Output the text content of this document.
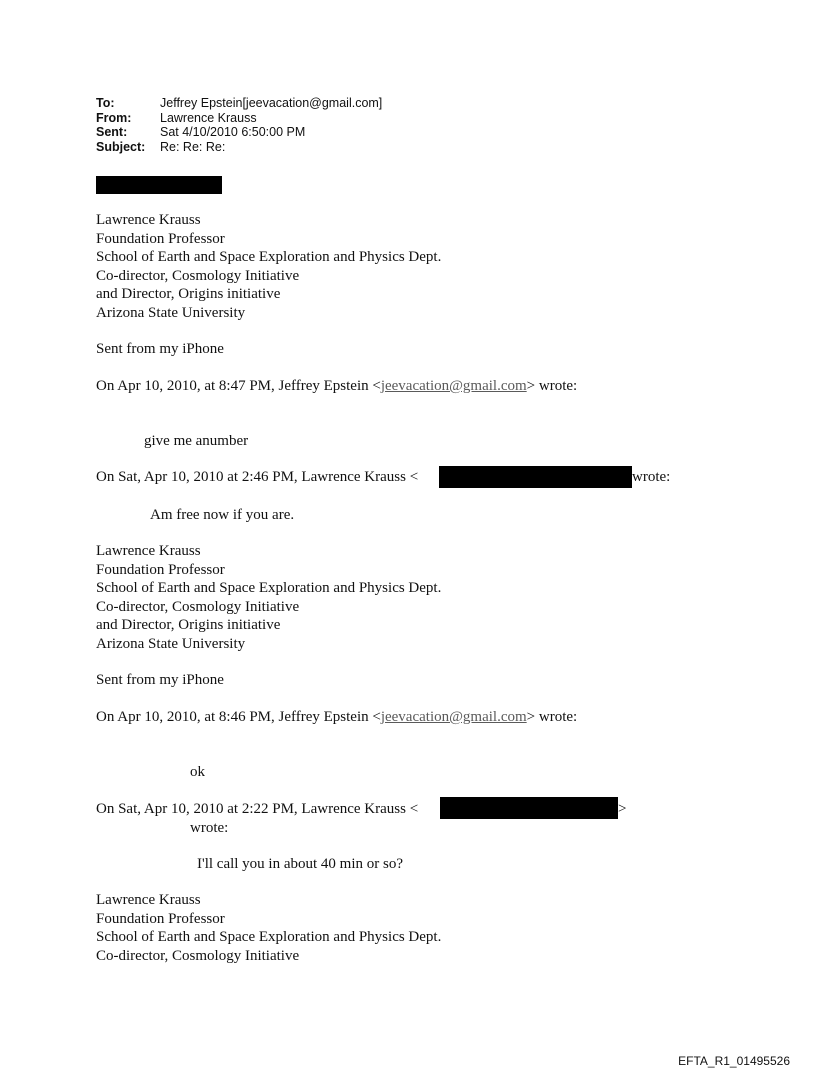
To:	Jeffrey Epstein[jeevacation@gmail.com]
From:	Lawrence Krauss
Sent:	Sat 4/10/2010 6:50:00 PM
Subject:	Re: Re: Re:
Lawrence Krauss
Foundation Professor
School of Earth and Space Exploration and Physics Dept.
Co-director, Cosmology Initiative
and Director, Origins initiative
Arizona State University
Sent from my iPhone
On Apr 10, 2010, at 8:47 PM, Jeffrey Epstein <jeevacation@gmail.com> wrote:
give me anumber
On Sat, Apr 10, 2010 at 2:46 PM, Lawrence Krauss <	wrote:
Am free now if you are.
Lawrence Krauss
Foundation Professor
School of Earth and Space Exploration and Physics Dept.
Co-director, Cosmology Initiative
and Director, Origins initiative
Arizona State University
Sent from my iPhone
On Apr 10, 2010, at 8:46 PM, Jeffrey Epstein <jeevacation@gmail.com> wrote:
ok
On Sat, Apr 10, 2010 at 2:22 PM, Lawrence Krauss <	>
wrote:
I'll call you in about 40 min or so?
Lawrence Krauss
Foundation Professor
School of Earth and Space Exploration and Physics Dept.
Co-director, Cosmology Initiative
EFTA_R1_01495526
